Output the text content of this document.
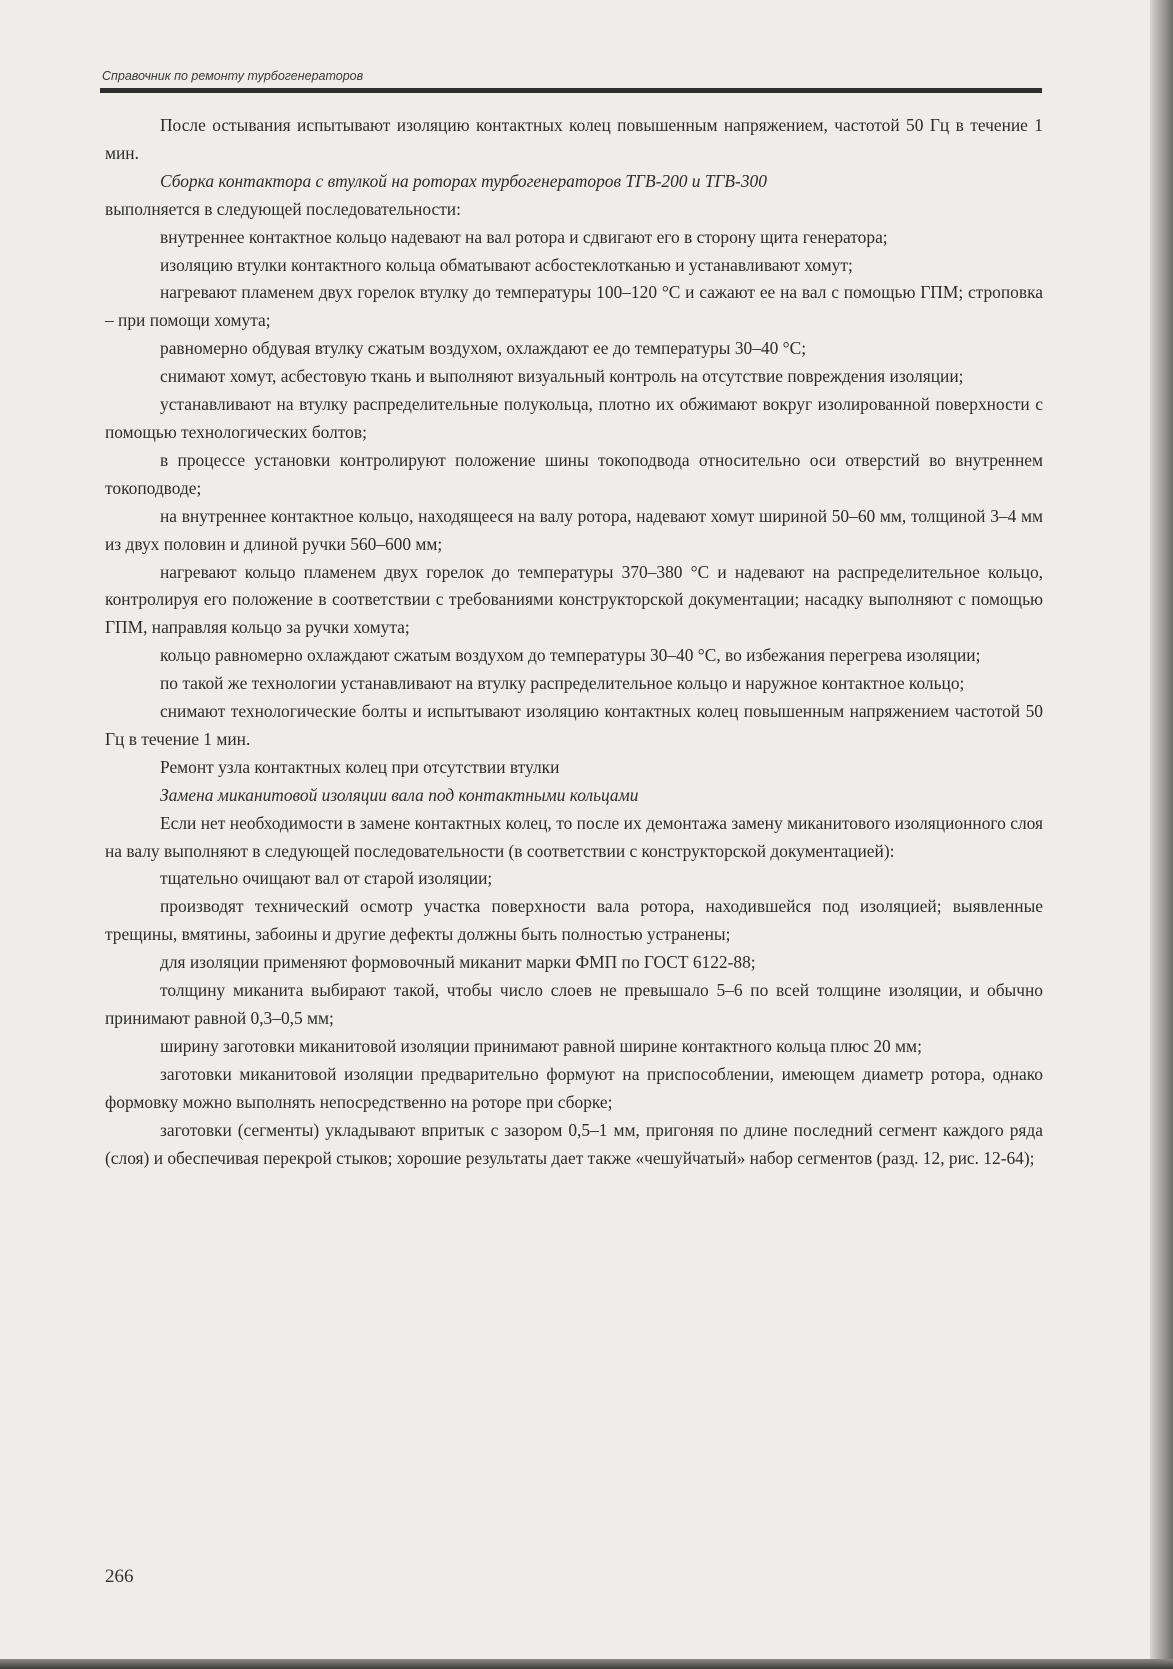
Справочник по ремонту турбогенераторов

После остывания испытывают изоляцию контактных колец повышенным напряжением, частотой 50 Гц в течение 1 мин.

Сборка контактора с втулкой на роторах турбогенераторов ТГВ-200 и ТГВ-300

выполняется в следующей последовательности:

внутреннее контактное кольцо надевают на вал ротора и сдвигают его в сторону щита генератора;

изоляцию втулки контактного кольца обматывают асбостеклотканью и устанавливают хомут;

нагревают пламенем двух горелок втулку до температуры 100–120 °С и сажают ее на вал с помощью ГПМ; строповка – при помощи хомута;

равномерно обдувая втулку сжатым воздухом, охлаждают ее до температуры 30–40 °С;

снимают хомут, асбестовую ткань и выполняют визуальный контроль на отсутствие повреждения изоляции;

устанавливают на втулку распределительные полукольца, плотно их обжимают вокруг изолированной поверхности с помощью технологических болтов;

в процессе установки контролируют положение шины токоподвода относительно оси отверстий во внутреннем токоподводе;

на внутреннее контактное кольцо, находящееся на валу ротора, надевают хомут шириной 50–60 мм, толщиной 3–4 мм из двух половин и длиной ручки 560–600 мм;

нагревают кольцо пламенем двух горелок до температуры 370–380 °С и надевают на распределительное кольцо, контролируя его положение в соответствии с требованиями конструкторской документации; насадку выполняют с помощью ГПМ, направляя кольцо за ручки хомута;

кольцо равномерно охлаждают сжатым воздухом до температуры 30–40 °С, во избежания перегрева изоляции;

по такой же технологии устанавливают на втулку распределительное кольцо и наружное контактное кольцо;

снимают технологические болты и испытывают изоляцию контактных колец повышенным напряжением частотой 50 Гц в течение 1 мин.

Ремонт узла контактных колец при отсутствии втулки

Замена миканитовой изоляции вала под контактными кольцами

Если нет необходимости в замене контактных колец, то после их демонтажа замену миканитового изоляционного слоя на валу выполняют в следующей последовательности (в соответствии с конструкторской документацией):

тщательно очищают вал от старой изоляции;

производят технический осмотр участка поверхности вала ротора, находившейся под изоляцией; выявленные трещины, вмятины, забоины и другие дефекты должны быть полностью устранены;

для изоляции применяют формовочный миканит марки ФМП по ГОСТ 6122-88;

толщину миканита выбирают такой, чтобы число слоев не превышало 5–6 по всей толщине изоляции, и обычно принимают равной 0,3–0,5 мм;

ширину заготовки миканитовой изоляции принимают равной ширине контактного кольца плюс 20 мм;

заготовки миканитовой изоляции предварительно формуют на приспособлении, имеющем диаметр ротора, однако формовку можно выполнять непосредственно на роторе при сборке;

заготовки (сегменты) укладывают впритык с зазором 0,5–1 мм, пригоняя по длине последний сегмент каждого ряда (слоя) и обеспечивая перекрой стыков; хорошие результаты дает также «чешуйчатый» набор сегментов (разд. 12, рис. 12-64);

266
